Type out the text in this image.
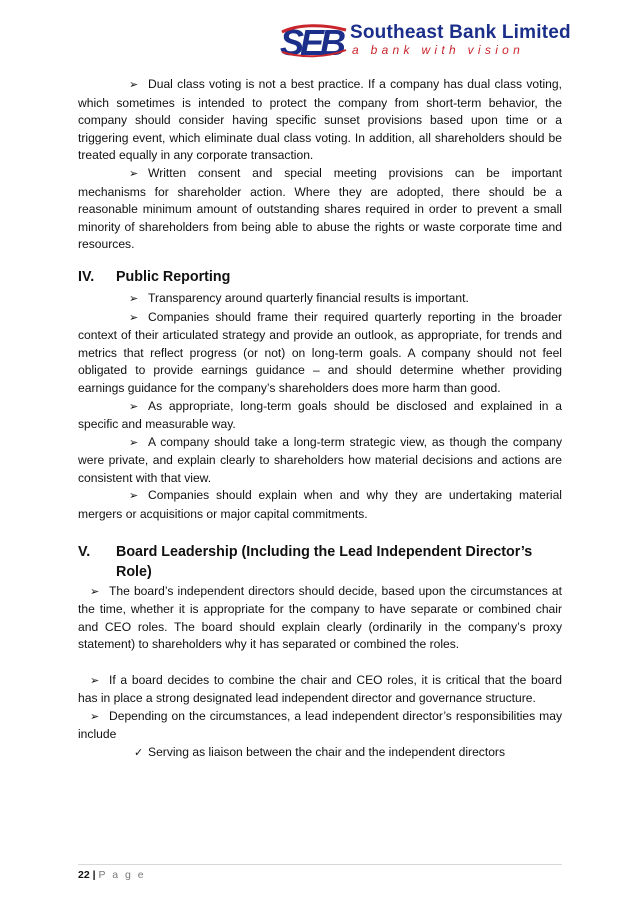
SEB Southeast Bank Limited
a bank with vision

➢ Dual class voting is not a best practice. If a company has dual class voting, which sometimes is intended to protect the company from short-term behavior, the company should consider having specific sunset provisions based upon time or a triggering event, which eliminate dual class voting. In addition, all shareholders should be treated equally in any corporate transaction.

➢ Written consent and special meeting provisions can be important mechanisms for shareholder action. Where they are adopted, there should be a reasonable minimum amount of outstanding shares required in order to prevent a small minority of shareholders from being able to abuse the rights or waste corporate time and resources.

IV.	Public Reporting

➢ Transparency around quarterly financial results is important.

➢ Companies should frame their required quarterly reporting in the broader context of their articulated strategy and provide an outlook, as appropriate, for trends and metrics that reflect progress (or not) on long-term goals. A company should not feel obligated to provide earnings guidance – and should determine whether providing earnings guidance for the company’s shareholders does more harm than good.

➢ As appropriate, long-term goals should be disclosed and explained in a specific and measurable way.

➢ A company should take a long-term strategic view, as though the company were private, and explain clearly to shareholders how material decisions and actions are consistent with that view.

➢ Companies should explain when and why they are undertaking material mergers or acquisitions or major capital commitments.

V.	Board Leadership (Including the Lead Independent Director’s Role)

➢ The board’s independent directors should decide, based upon the circumstances at the time, whether it is appropriate for the company to have separate or combined chair and CEO roles. The board should explain clearly (ordinarily in the company’s proxy statement) to shareholders why it has separated or combined the roles.

➢ If a board decides to combine the chair and CEO roles, it is critical that the board has in place a strong designated lead independent director and governance structure.

➢ Depending on the circumstances, a lead independent director’s responsibilities may include

✓ Serving as liaison between the chair and the independent directors

22 | P a g e
